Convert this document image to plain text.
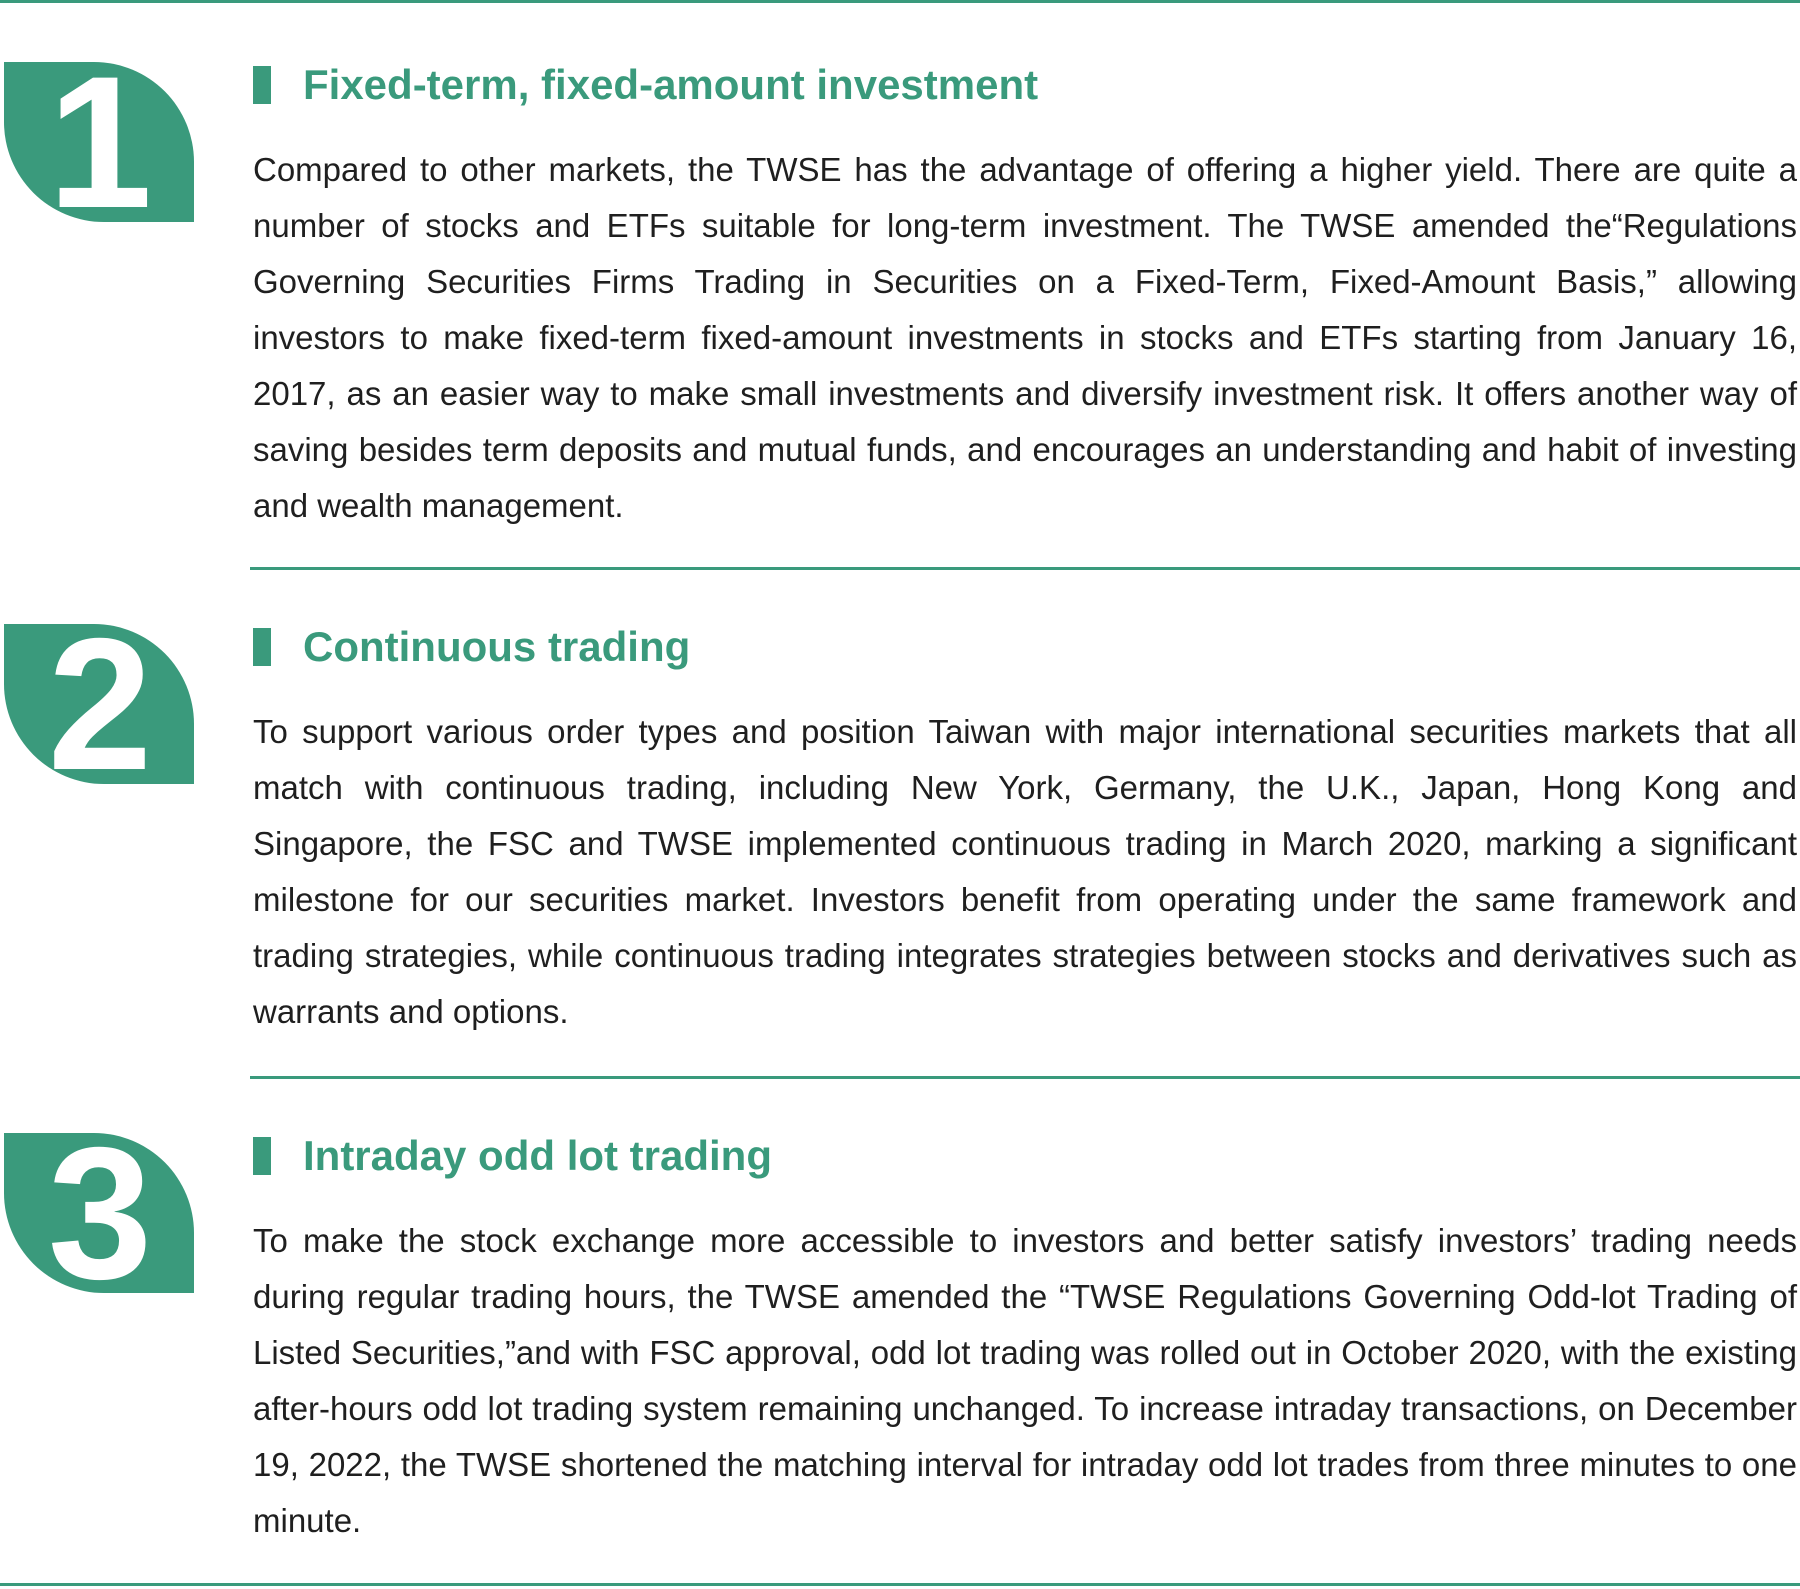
1	Fixed-term, fixed-amount investment

Compared to other markets, the TWSE has the advantage of offering a higher yield. There are quite a number of stocks and ETFs suitable for long-term investment. The TWSE amended the“Regulations Governing Securities Firms Trading in Securities on a Fixed-Term, Fixed-Amount Basis,” allowing investors to make fixed-term fixed-amount investments in stocks and ETFs starting from January 16, 2017, as an easier way to make small investments and diversify investment risk. It offers another way of saving besides term deposits and mutual funds, and encourages an understanding and habit of investing and wealth management.

2	Continuous trading

To support various order types and position Taiwan with major international securities markets that all match with continuous trading, including New York, Germany, the U.K., Japan, Hong Kong and Singapore, the FSC and TWSE implemented continuous trading in March 2020, marking a significant milestone for our securities market. Investors benefit from operating under the same framework and trading strategies, while continuous trading integrates strategies between stocks and derivatives such as warrants and options.

3	Intraday odd lot trading

To make the stock exchange more accessible to investors and better satisfy investors’ trading needs during regular trading hours, the TWSE amended the “TWSE Regulations Governing Odd-lot Trading of Listed Securities,”and with FSC approval, odd lot trading was rolled out in October 2020, with the existing after-hours odd lot trading system remaining unchanged. To increase intraday transactions, on December 19, 2022, the TWSE shortened the matching interval for intraday odd lot trades from three minutes to one minute.
